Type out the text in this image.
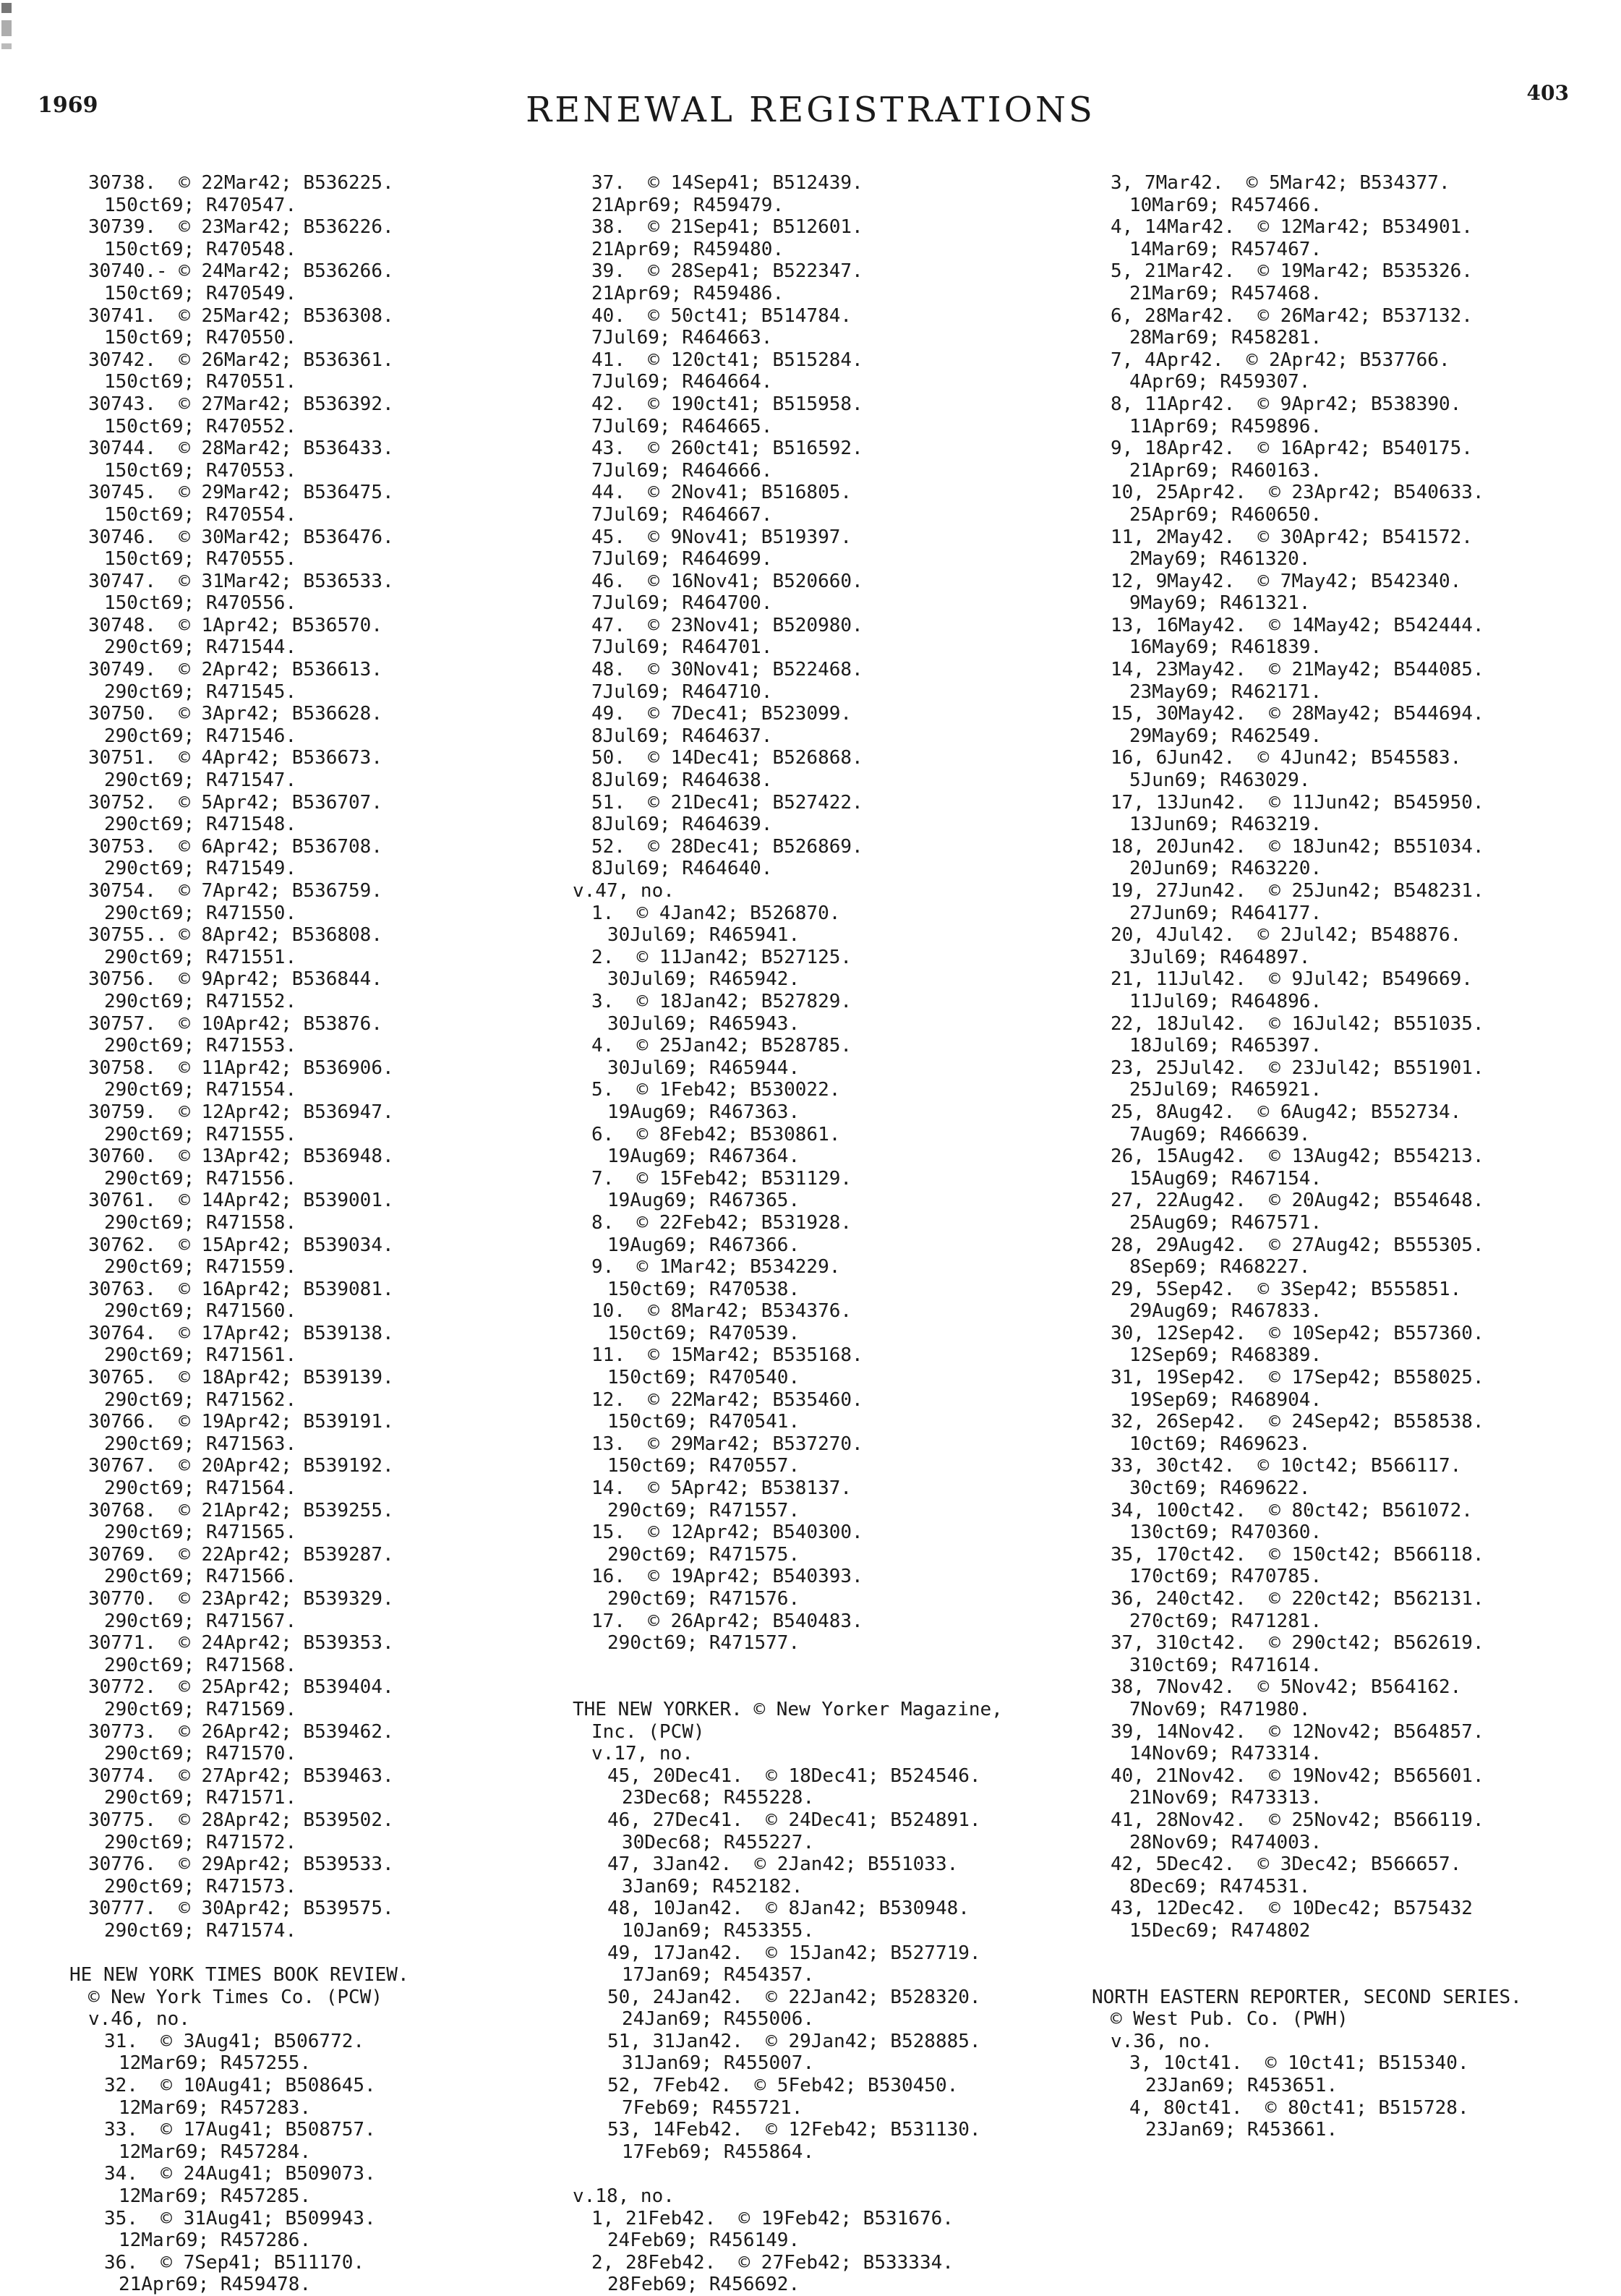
1969	RENEWAL REGISTRATIONS	403
30738.  © 22Mar42; B536225.
150ct69; R470547.
30739.  © 23Mar42; B536226.
150ct69; R470548.
30740.- © 24Mar42; B536266.
150ct69; R470549.
30741.  © 25Mar42; B536308.
150ct69; R470550.
30742.  © 26Mar42; B536361.
150ct69; R470551.
30743.  © 27Mar42; B536392.
150ct69; R470552.
30744.  © 28Mar42; B536433.
150ct69; R470553.
30745.  © 29Mar42; B536475.
150ct69; R470554.
30746.  © 30Mar42; B536476.
150ct69; R470555.
30747.  © 31Mar42; B536533.
150ct69; R470556.
30748.  © 1Apr42; B536570.
290ct69; R471544.
30749.  © 2Apr42; B536613.
290ct69; R471545.
30750.  © 3Apr42; B536628.
290ct69; R471546.
30751.  © 4Apr42; B536673.
290ct69; R471547.
30752.  © 5Apr42; B536707.
290ct69; R471548.
30753.  © 6Apr42; B536708.
290ct69; R471549.
30754.  © 7Apr42; B536759.
290ct69; R471550.
30755.. © 8Apr42; B536808.
290ct69; R471551.
30756.  © 9Apr42; B536844.
290ct69; R471552.
30757.  © 10Apr42; B53876.
290ct69; R471553.
30758.  © 11Apr42; B536906.
290ct69; R471554.
30759.  © 12Apr42; B536947.
290ct69; R471555.
30760.  © 13Apr42; B536948.
290ct69; R471556.
30761.  © 14Apr42; B539001.
290ct69; R471558.
30762.  © 15Apr42; B539034.
290ct69; R471559.
30763.  © 16Apr42; B539081.
290ct69; R471560.
30764.  © 17Apr42; B539138.
290ct69; R471561.
30765.  © 18Apr42; B539139.
290ct69; R471562.
30766.  © 19Apr42; B539191.
290ct69; R471563.
30767.  © 20Apr42; B539192.
290ct69; R471564.
30768.  © 21Apr42; B539255.
290ct69; R471565.
30769.  © 22Apr42; B539287.
290ct69; R471566.
30770.  © 23Apr42; B539329.
290ct69; R471567.
30771.  © 24Apr42; B539353.
290ct69; R471568.
30772.  © 25Apr42; B539404.
290ct69; R471569.
30773.  © 26Apr42; B539462.
290ct69; R471570.
30774.  © 27Apr42; B539463.
290ct69; R471571.
30775.  © 28Apr42; B539502.
290ct69; R471572.
30776.  © 29Apr42; B539533.
290ct69; R471573.
30777.  © 30Apr42; B539575.
290ct69; R471574.
HE NEW YORK TIMES BOOK REVIEW.
© New York Times Co. (PCW)
v.46, no.
31.  © 3Aug41; B506772.
12Mar69; R457255.
32.  © 10Aug41; B508645.
12Mar69; R457283.
33.  © 17Aug41; B508757.
12Mar69; R457284.
34.  © 24Aug41; B509073.
12Mar69; R457285.
35.  © 31Aug41; B509943.
12Mar69; R457286.
36.  © 7Sep41; B511170.
21Apr69; R459478.
37.  © 14Sep41; B512439.
21Apr69; R459479.
38.  © 21Sep41; B512601.
21Apr69; R459480.
39.  © 28Sep41; B522347.
21Apr69; R459486.
40.  © 50ct41; B514784.
7Jul69; R464663.
41.  © 120ct41; B515284.
7Jul69; R464664.
42.  © 190ct41; B515958.
7Jul69; R464665.
43.  © 260ct41; B516592.
7Jul69; R464666.
44.  © 2Nov41; B516805.
7Jul69; R464667.
45.  © 9Nov41; B519397.
7Jul69; R464699.
46.  © 16Nov41; B520660.
7Jul69; R464700.
47.  © 23Nov41; B520980.
7Jul69; R464701.
48.  © 30Nov41; B522468.
7Jul69; R464710.
49.  © 7Dec41; B523099.
8Jul69; R464637.
50.  © 14Dec41; B526868.
8Jul69; R464638.
51.  © 21Dec41; B527422.
8Jul69; R464639.
52.  © 28Dec41; B526869.
8Jul69; R464640.
v.47, no.
1.  © 4Jan42; B526870.
30Jul69; R465941.
2.  © 11Jan42; B527125.
30Jul69; R465942.
3.  © 18Jan42; B527829.
30Jul69; R465943.
4.  © 25Jan42; B528785.
30Jul69; R465944.
5.  © 1Feb42; B530022.
19Aug69; R467363.
6.  © 8Feb42; B530861.
19Aug69; R467364.
7.  © 15Feb42; B531129.
19Aug69; R467365.
8.  © 22Feb42; B531928.
19Aug69; R467366.
9.  © 1Mar42; B534229.
150ct69; R470538.
10.  © 8Mar42; B534376.
150ct69; R470539.
11.  © 15Mar42; B535168.
150ct69; R470540.
12.  © 22Mar42; B535460.
150ct69; R470541.
13.  © 29Mar42; B537270.
150ct69; R470557.
14.  © 5Apr42; B538137.
290ct69; R471557.
15.  © 12Apr42; B540300.
290ct69; R471575.
16.  © 19Apr42; B540393.
290ct69; R471576.
17.  © 26Apr42; B540483.
290ct69; R471577.
THE NEW YORKER. © New Yorker Magazine,
Inc. (PCW)
v.17, no.
45, 20Dec41.  © 18Dec41; B524546.
23Dec68; R455228.
46, 27Dec41.  © 24Dec41; B524891.
30Dec68; R455227.
47, 3Jan42.  © 2Jan42; B551033.
3Jan69; R452182.
48, 10Jan42.  © 8Jan42; B530948.
10Jan69; R453355.
49, 17Jan42.  © 15Jan42; B527719.
17Jan69; R454357.
50, 24Jan42.  © 22Jan42; B528320.
24Jan69; R455006.
51, 31Jan42.  © 29Jan42; B528885.
31Jan69; R455007.
52, 7Feb42.  © 5Feb42; B530450.
7Feb69; R455721.
53, 14Feb42.  © 12Feb42; B531130.
17Feb69; R455864.
v.18, no.
1, 21Feb42.  © 19Feb42; B531676.
24Feb69; R456149.
2, 28Feb42.  © 27Feb42; B533334.
28Feb69; R456692.
3, 7Mar42.  © 5Mar42; B534377.
10Mar69; R457466.
4, 14Mar42.  © 12Mar42; B534901.
14Mar69; R457467.
5, 21Mar42.  © 19Mar42; B535326.
21Mar69; R457468.
6, 28Mar42.  © 26Mar42; B537132.
28Mar69; R458281.
7, 4Apr42.  © 2Apr42; B537766.
4Apr69; R459307.
8, 11Apr42.  © 9Apr42; B538390.
11Apr69; R459896.
9, 18Apr42.  © 16Apr42; B540175.
21Apr69; R460163.
10, 25Apr42.  © 23Apr42; B540633.
25Apr69; R460650.
11, 2May42.  © 30Apr42; B541572.
2May69; R461320.
12, 9May42.  © 7May42; B542340.
9May69; R461321.
13, 16May42.  © 14May42; B542444.
16May69; R461839.
14, 23May42.  © 21May42; B544085.
23May69; R462171.
15, 30May42.  © 28May42; B544694.
29May69; R462549.
16, 6Jun42.  © 4Jun42; B545583.
5Jun69; R463029.
17, 13Jun42.  © 11Jun42; B545950.
13Jun69; R463219.
18, 20Jun42.  © 18Jun42; B551034.
20Jun69; R463220.
19, 27Jun42.  © 25Jun42; B548231.
27Jun69; R464177.
20, 4Jul42.  © 2Jul42; B548876.
3Jul69; R464897.
21, 11Jul42.  © 9Jul42; B549669.
11Jul69; R464896.
22, 18Jul42.  © 16Jul42; B551035.
18Jul69; R465397.
23, 25Jul42.  © 23Jul42; B551901.
25Jul69; R465921.
25, 8Aug42.  © 6Aug42; B552734.
7Aug69; R466639.
26, 15Aug42.  © 13Aug42; B554213.
15Aug69; R467154.
27, 22Aug42.  © 20Aug42; B554648.
25Aug69; R467571.
28, 29Aug42.  © 27Aug42; B555305.
8Sep69; R468227.
29, 5Sep42.  © 3Sep42; B555851.
29Aug69; R467833.
30, 12Sep42.  © 10Sep42; B557360.
12Sep69; R468389.
31, 19Sep42.  © 17Sep42; B558025.
19Sep69; R468904.
32, 26Sep42.  © 24Sep42; B558538.
10ct69; R469623.
33, 30ct42.  © 10ct42; B566117.
30ct69; R469622.
34, 100ct42.  © 80ct42; B561072.
130ct69; R470360.
35, 170ct42.  © 150ct42; B566118.
170ct69; R470785.
36, 240ct42.  © 220ct42; B562131.
270ct69; R471281.
37, 310ct42.  © 290ct42; B562619.
310ct69; R471614.
38, 7Nov42.  © 5Nov42; B564162.
7Nov69; R471980.
39, 14Nov42.  © 12Nov42; B564857.
14Nov69; R473314.
40, 21Nov42.  © 19Nov42; B565601.
21Nov69; R473313.
41, 28Nov42.  © 25Nov42; B566119.
28Nov69; R474003.
42, 5Dec42.  © 3Dec42; B566657.
8Dec69; R474531.
43, 12Dec42.  © 10Dec42; B575432
15Dec69; R474802
NORTH EASTERN REPORTER, SECOND SERIES.
© West Pub. Co. (PWH)
v.36, no.
3, 10ct41.  © 10ct41; B515340.
23Jan69; R453651.
4, 80ct41.  © 80ct41; B515728.
23Jan69; R453661.
